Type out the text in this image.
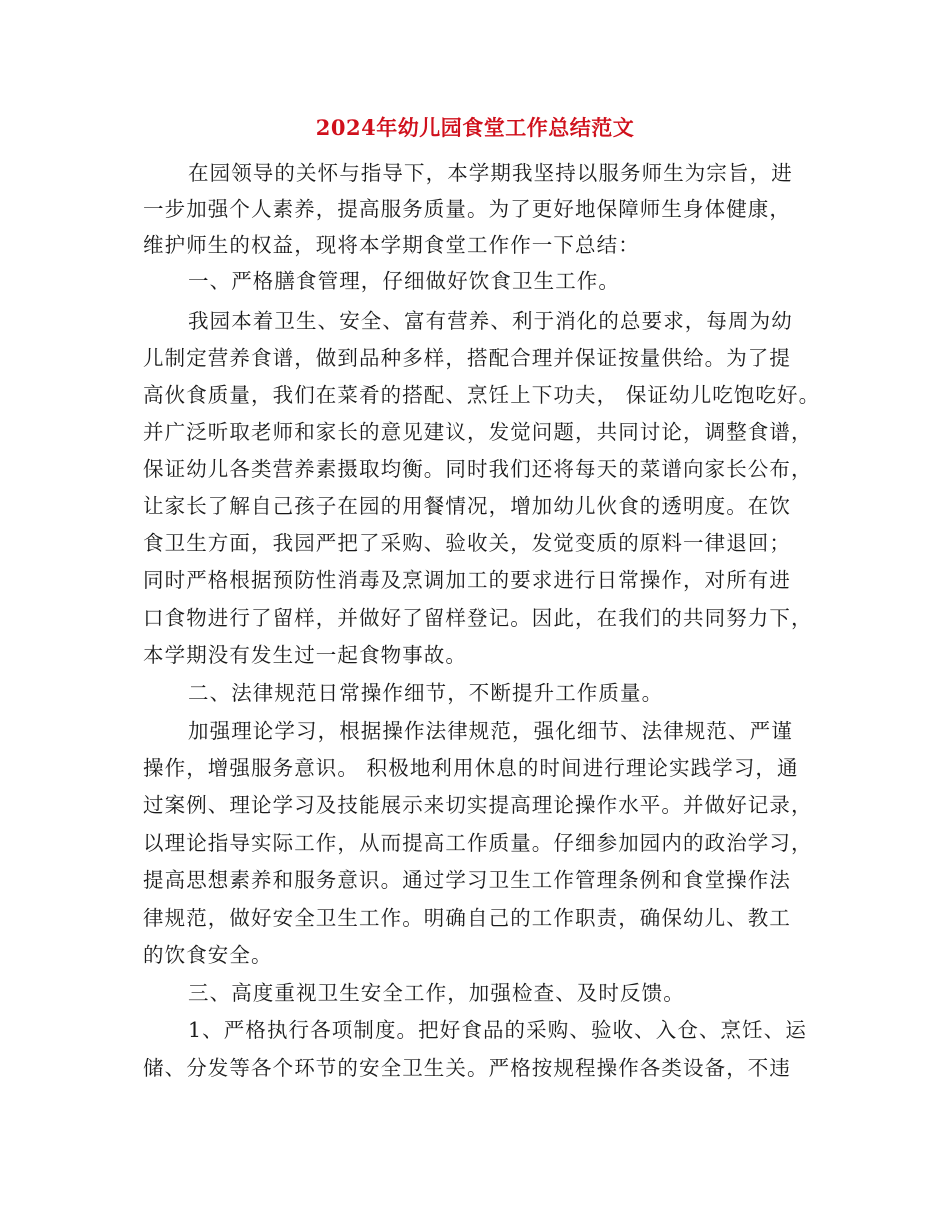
2024年幼儿园食堂工作总结范文
在园领导的关怀与指导下，本学期我坚持以服务师生为宗旨，进
一步加强个人素养，提高服务质量。为了更好地保障师生身体健康，
维护师生的权益，现将本学期食堂工作作一下总结：
一、严格膳食管理，仔细做好饮食卫生工作。
我园本着卫生、安全、富有营养、利于消化的总要求，每周为幼
儿制定营养食谱，做到品种多样，搭配合理并保证按量供给。为了提
高伙食质量，我们在菜肴的搭配、烹饪上下功夫， 保证幼儿吃饱吃好。
并广泛听取老师和家长的意见建议，发觉问题，共同讨论，调整食谱，
保证幼儿各类营养素摄取均衡。同时我们还将每天的菜谱向家长公布，
让家长了解自己孩子在园的用餐情况，增加幼儿伙食的透明度。在饮
食卫生方面，我园严把了采购、验收关，发觉变质的原料一律退回；
同时严格根据预防性消毒及烹调加工的要求进行日常操作，对所有进
口食物进行了留样，并做好了留样登记。因此，在我们的共同努力下，
本学期没有发生过一起食物事故。
二、法律规范日常操作细节，不断提升工作质量。
加强理论学习，根据操作法律规范，强化细节、法律规范、严谨
操作，增强服务意识。 积极地利用休息的时间进行理论实践学习，通
过案例、理论学习及技能展示来切实提高理论操作水平。并做好记录，
以理论指导实际工作，从而提高工作质量。仔细参加园内的政治学习，
提高思想素养和服务意识。通过学习卫生工作管理条例和食堂操作法
律规范，做好安全卫生工作。明确自己的工作职责，确保幼儿、教工
的饮食安全。
三、高度重视卫生安全工作，加强检查、及时反馈。
1、严格执行各项制度。把好食品的采购、验收、入仓、烹饪、运
储、分发等各个环节的安全卫生关。严格按规程操作各类设备，不违
